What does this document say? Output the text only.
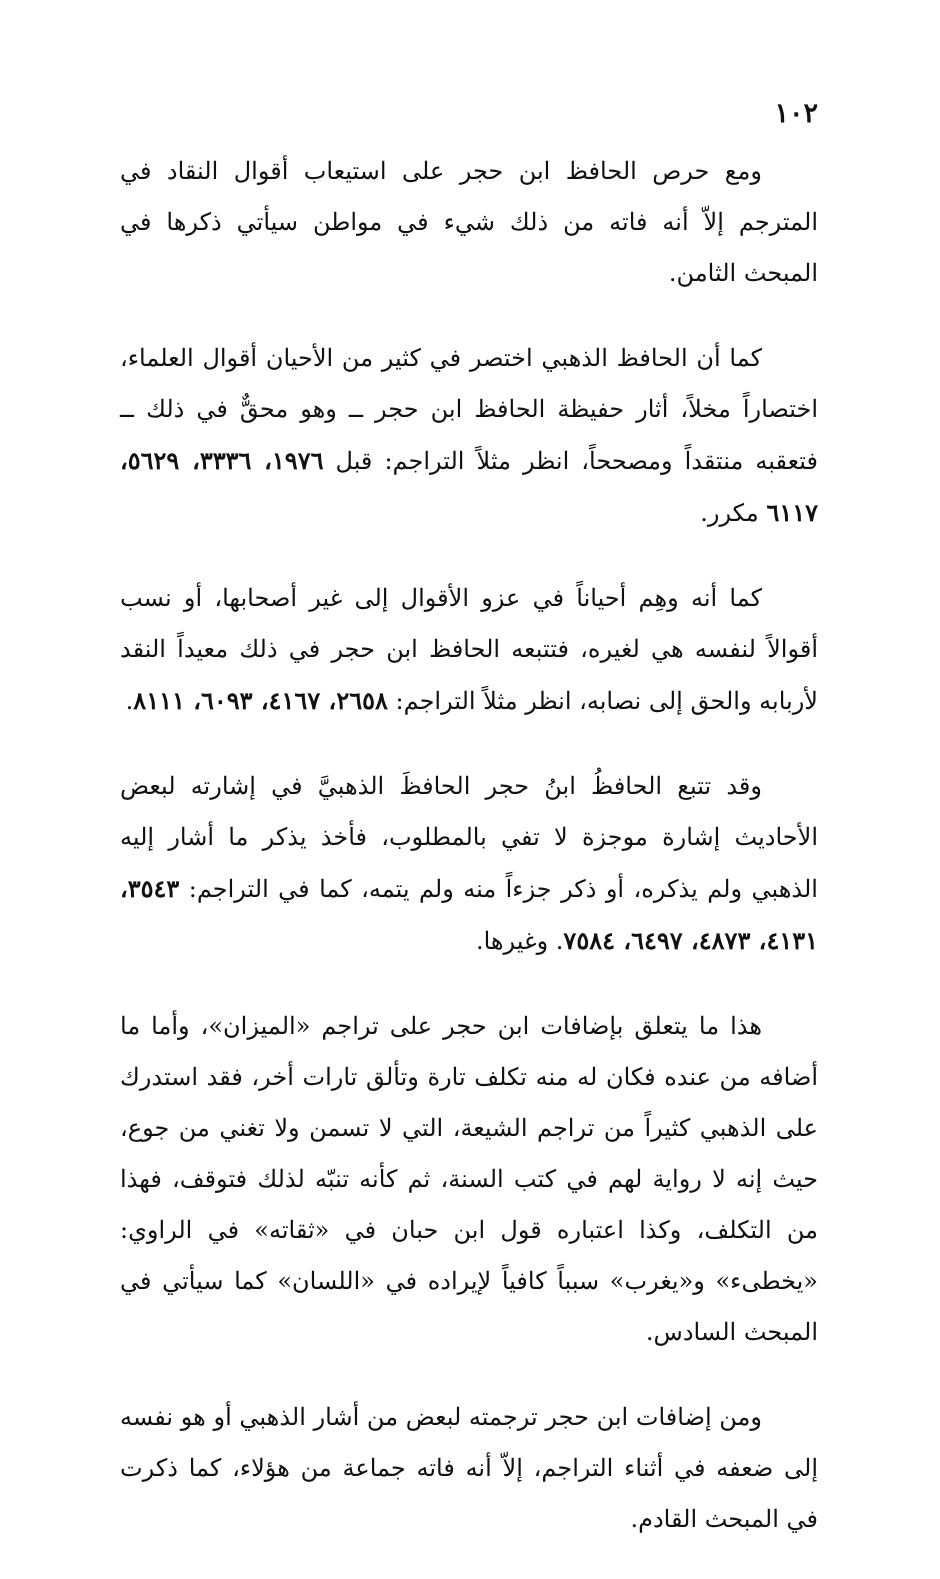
١٠٢

ومع حرص الحافظ ابن حجر على استيعاب أقوال النقاد في المترجم إلاّ أنه فاته من ذلك شيء في مواطن سيأتي ذكرها في المبحث الثامن.

كما أن الحافظ الذهبي اختصر في كثير من الأحيان أقوال العلماء، اختصاراً مخلاً، أثار حفيظة الحافظ ابن حجر ــ وهو محقٌّ في ذلك ــ فتعقبه منتقداً ومصححاً، انظر مثلاً التراجم: قبل ١٩٧٦، ٣٣٣٦، ٥٦٢٩، ٦١١٧ مكرر.

كما أنه وهِم أحياناً في عزو الأقوال إلى غير أصحابها، أو نسب أقوالاً لنفسه هي لغيره، فتتبعه الحافظ ابن حجر في ذلك معيداً النقد لأربابه والحق إلى نصابه، انظر مثلاً التراجم: ٢٦٥٨، ٤١٦٧، ٦٠٩٣، ٨١١١.

وقد تتبع الحافظُ ابنُ حجر الحافظَ الذهبيَّ في إشارته لبعض الأحاديث إشارة موجزة لا تفي بالمطلوب، فأخذ يذكر ما أشار إليه الذهبي ولم يذكره، أو ذكر جزءاً منه ولم يتمه، كما في التراجم: ٣٥٤٣، ٤١٣١، ٤٨٧٣، ٦٤٩٧، ٧٥٨٤. وغيرها.

هذا ما يتعلق بإضافات ابن حجر على تراجم «الميزان»، وأما ما أضافه من عنده فكان له منه تكلف تارة وتألق تارات أخر، فقد استدرك على الذهبي كثيراً من تراجم الشيعة، التي لا تسمن ولا تغني من جوع، حيث إنه لا رواية لهم في كتب السنة، ثم كأنه تنبّه لذلك فتوقف، فهذا من التكلف، وكذا اعتباره قول ابن حبان في «ثقاته» في الراوي: «يخطىء» و«يغرب» سبباً كافياً لإيراده في «اللسان» كما سيأتي في المبحث السادس.

ومن إضافات ابن حجر ترجمته لبعض من أشار الذهبي أو هو نفسه إلى ضعفه في أثناء التراجم، إلاّ أنه فاته جماعة من هؤلاء، كما ذكرت في المبحث القادم.
